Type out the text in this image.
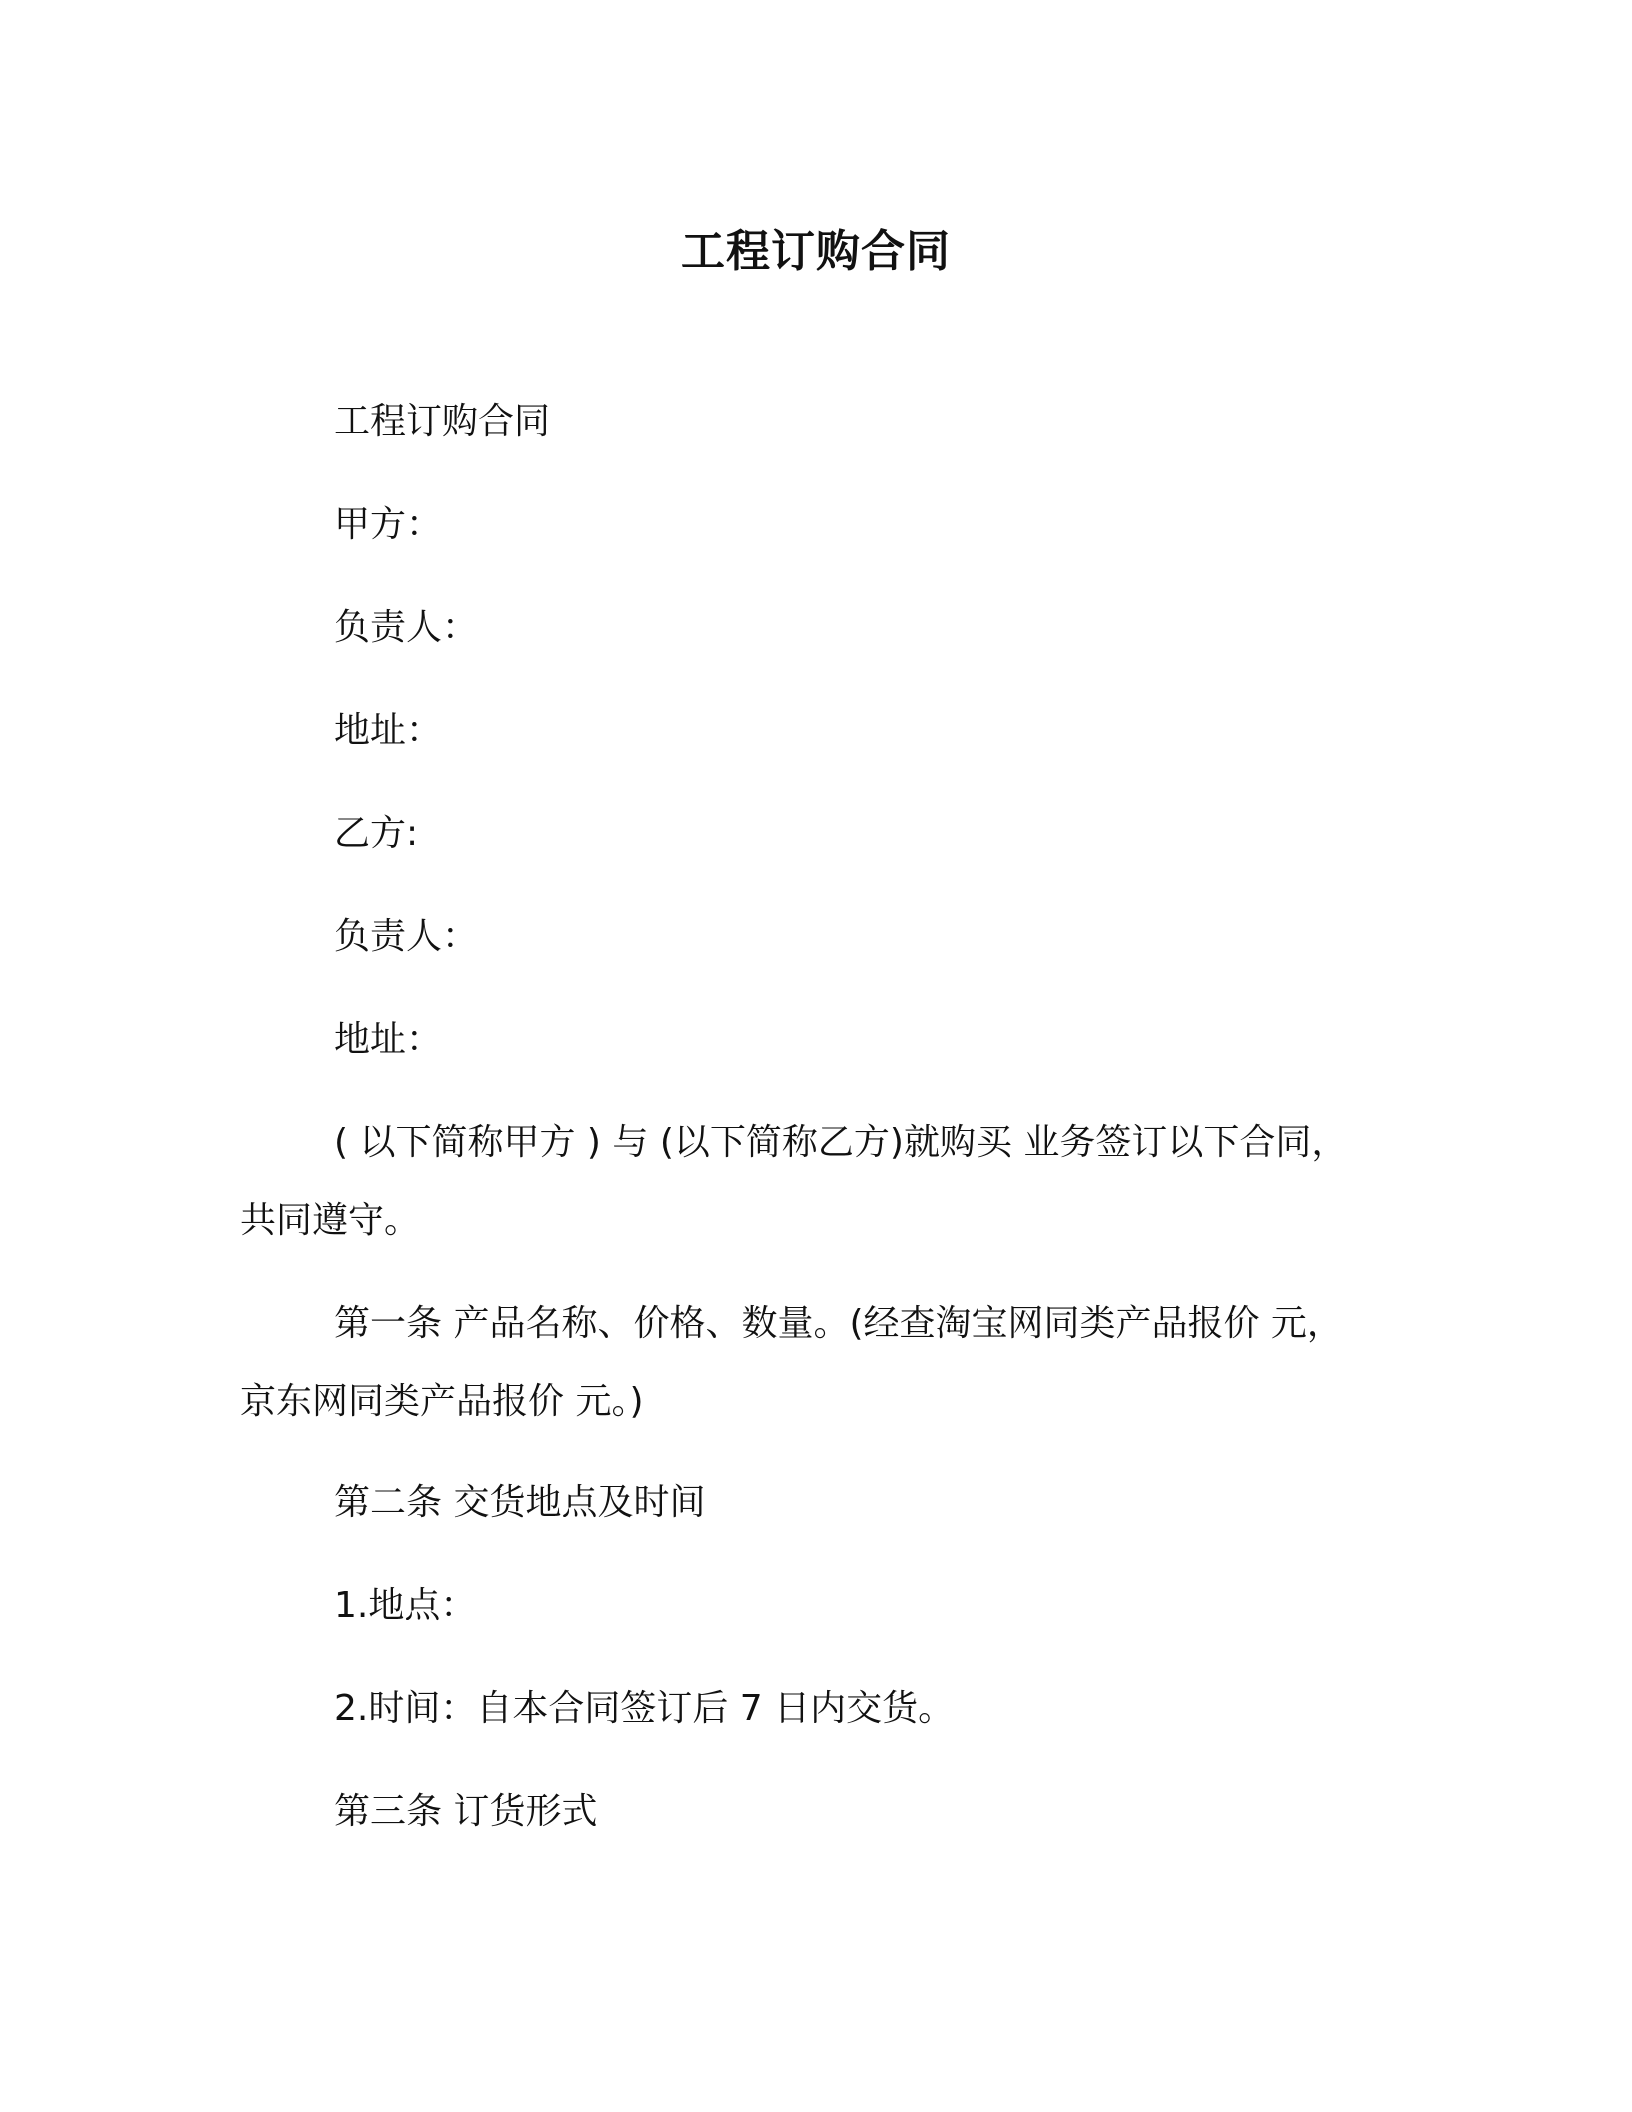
工程订购合同
工程订购合同
甲方：
负责人：
地址：
乙方:
负责人：
地址：
( 以下简称甲方 ) 与 (以下简称乙方)就购买 业务签订以下合同，
共同遵守。
第一条 产品名称、价格、数量。(经查淘宝网同类产品报价 元，
京东网同类产品报价 元。)
第二条 交货地点及时间
1.地点：
2.时间：自本合同签订后 7 日内交货。
第三条 订货形式
